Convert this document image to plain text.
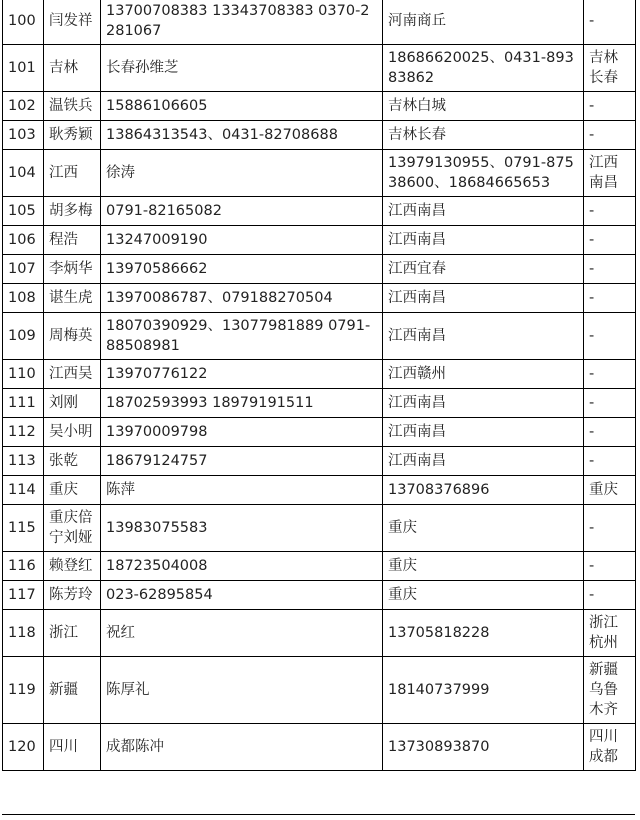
100	闫发祥	13700708383 13343708383 0370-2281067	河南商丘	-
101	吉林	长春孙维芝	18686620025、0431-89383862	吉林长春
102	温铁兵	15886106605	吉林白城	-
103	耿秀颖	13864313543、0431-82708688	吉林长春	-
104	江西	徐涛	13979130955、0791-87538600、18684665653	江西南昌
105	胡多梅	0791-82165082	江西南昌	-
106	程浩	13247009190	江西南昌	-
107	李炳华	13970586662	江西宜春	-
108	谌生虎	13970086787、079188270504	江西南昌	-
109	周梅英	18070390929、13077981889 0791-88508981	江西南昌	-
110	江西吴	13970776122	江西赣州	-
111	刘刚	18702593993 18979191511	江西南昌	-
112	吴小明	13970009798	江西南昌	-
113	张乾	18679124757	江西南昌	-
114	重庆	陈萍	13708376896	重庆
115	重庆倍宁刘娅	13983075583	重庆	-
116	赖登红	18723504008	重庆	-
117	陈芳玲	023-62895854	重庆	-
118	浙江	祝红	13705818228	浙江杭州
119	新疆	陈厚礼	18140737999	新疆乌鲁木齐
120	四川	成都陈冲	13730893870	四川成都
